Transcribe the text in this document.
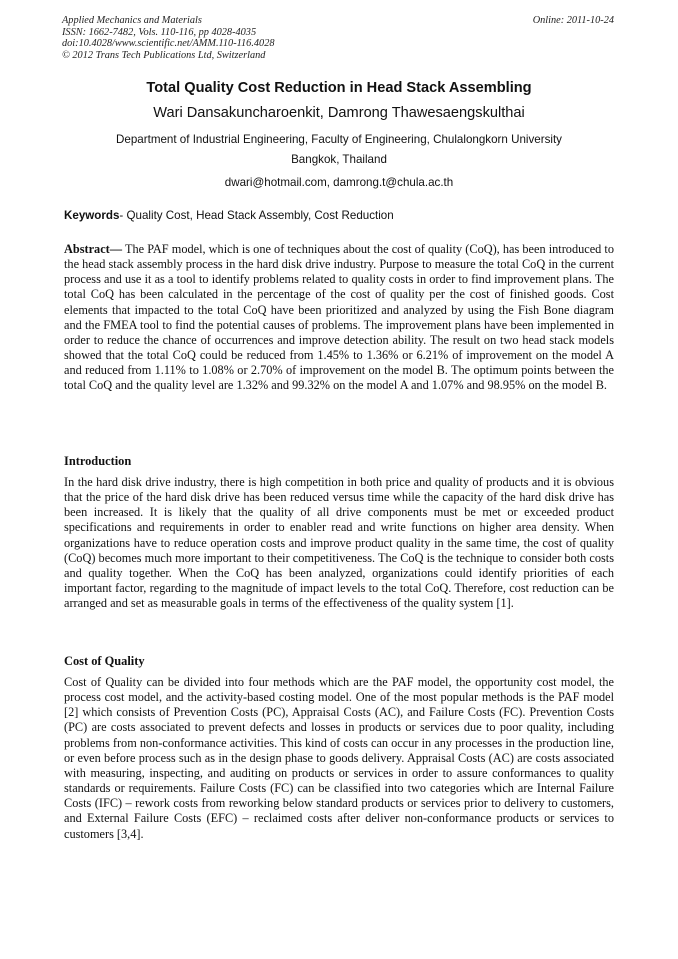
Applied Mechanics and Materials
ISSN: 1662-7482, Vols. 110-116, pp 4028-4035
doi:10.4028/www.scientific.net/AMM.110-116.4028
© 2012 Trans Tech Publications Ltd, Switzerland
Online: 2011-10-24
Total Quality Cost Reduction in Head Stack Assembling
Wari Dansakuncharoenkit, Damrong Thawesaengskulthai
Department of Industrial Engineering, Faculty of Engineering, Chulalongkorn University
Bangkok, Thailand
dwari@hotmail.com, damrong.t@chula.ac.th
Keywords- Quality Cost, Head Stack Assembly, Cost Reduction
Abstract— The PAF model, which is one of techniques about the cost of quality (CoQ), has been introduced to the head stack assembly process in the hard disk drive industry. Purpose to measure the total CoQ in the current process and use it as a tool to identify problems related to quality costs in order to find improvement plans. The total CoQ has been calculated in the percentage of the cost of quality per the cost of finished goods. Cost elements that impacted to the total CoQ have been prioritized and analyzed by using the Fish Bone diagram and the FMEA tool to find the potential causes of problems. The improvement plans have been implemented in order to reduce the chance of occurrences and improve detection ability. The result on two head stack models showed that the total CoQ could be reduced from 1.45% to 1.36% or 6.21% of improvement on the model A and reduced from 1.11% to 1.08% or 2.70% of improvement on the model B. The optimum points between the total CoQ and the quality level are 1.32% and 99.32% on the model A and 1.07% and 98.95% on the model B.
Introduction
In the hard disk drive industry, there is high competition in both price and quality of products and it is obvious that the price of the hard disk drive has been reduced versus time while the capacity of the hard disk drive has been increased. It is likely that the quality of all drive components must be met or exceeded product specifications and requirements in order to enabler read and write functions on higher area density. When organizations have to reduce operation costs and improve product quality in the same time, the cost of quality (CoQ) becomes much more important to their competitiveness. The CoQ is the technique to consider both costs and quality together. When the CoQ has been analyzed, organizations could identify priorities of each important factor, regarding to the magnitude of impact levels to the total CoQ. Therefore, cost reduction can be arranged and set as measurable goals in terms of the effectiveness of the quality system [1].
Cost of Quality
Cost of Quality can be divided into four methods which are the PAF model, the opportunity cost model, the process cost model, and the activity-based costing model. One of the most popular methods is the PAF model [2] which consists of Prevention Costs (PC), Appraisal Costs (AC), and Failure Costs (FC). Prevention Costs (PC) are costs associated to prevent defects and losses in products or services due to poor quality, including problems from non-conformance activities. This kind of costs can occur in any processes in the production line, or even before process such as in the design phase to goods delivery. Appraisal Costs (AC) are costs associated with measuring, inspecting, and auditing on products or services in order to assure conformances to quality standards or requirements. Failure Costs (FC) can be classified into two categories which are Internal Failure Costs (IFC) – rework costs from reworking below standard products or services prior to delivery to customers, and External Failure Costs (EFC) – reclaimed costs after deliver non-conformance products or services to customers [3,4].
